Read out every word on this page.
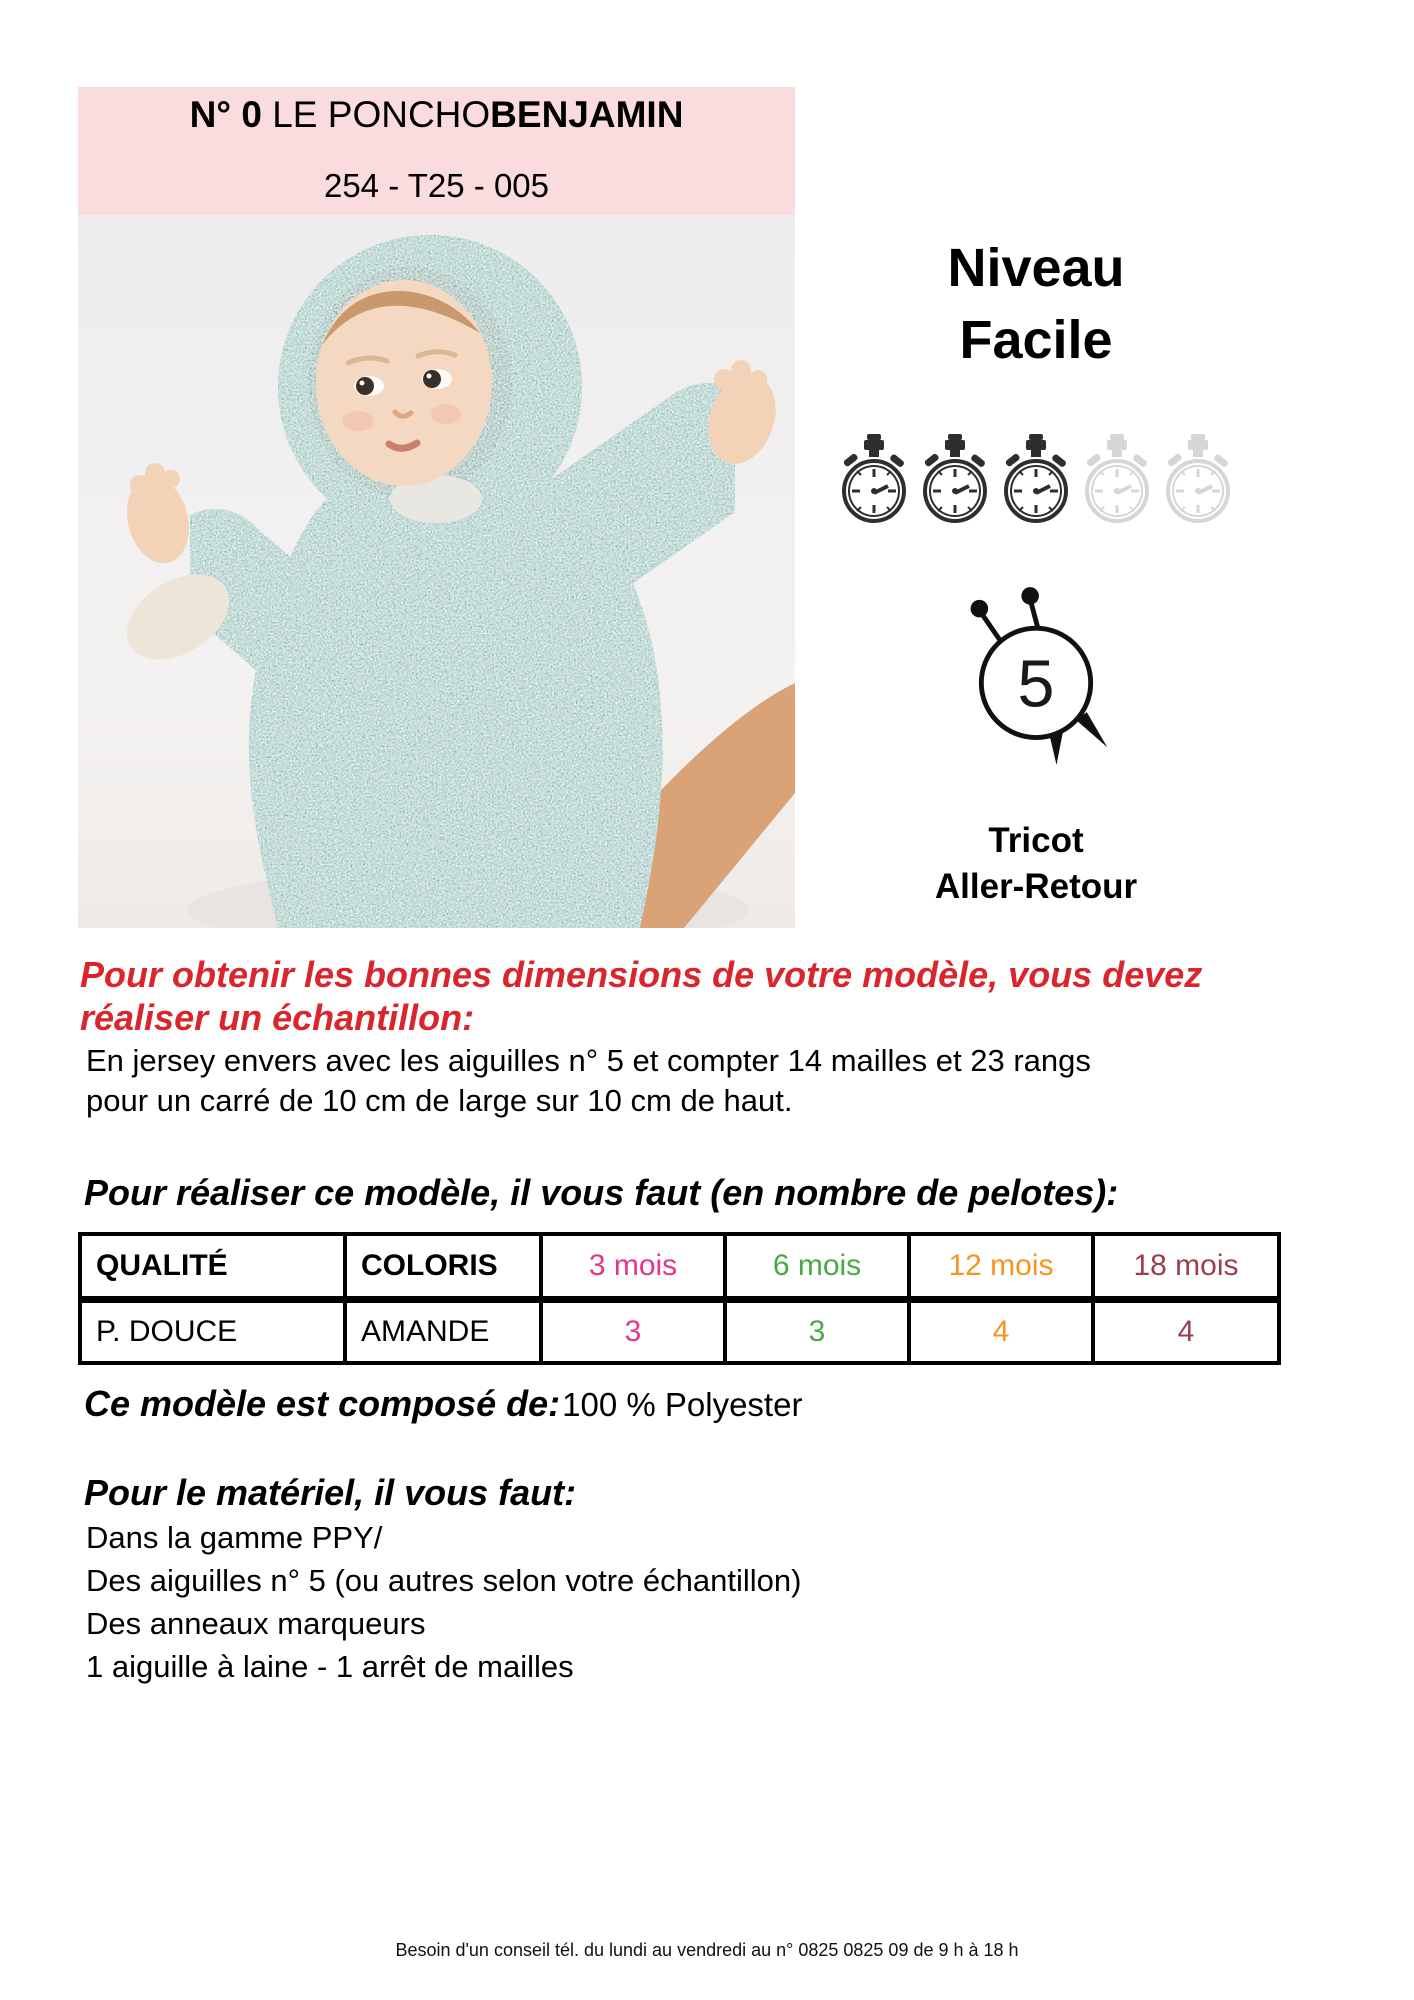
N° 0 LE PONCHOBENJAMIN
254 - T25 - 005
Niveau
Facile
5
Tricot
Aller-Retour
Pour obtenir les bonnes dimensions de votre modèle, vous devez
réaliser un échantillon:
En jersey envers avec les aiguilles n° 5 et compter 14 mailles et 23 rangs
pour un carré de 10 cm de large sur 10 cm de haut.
Pour réaliser ce modèle, il vous faut (en nombre de pelotes):
QUALITÉ	COLORIS	3 mois	6 mois	12 mois	18 mois
P. DOUCE	AMANDE	3	3	4	4
Ce modèle est composé de: 100 % Polyester
Pour le matériel, il vous faut:
Dans la gamme PPY/
Des aiguilles n° 5 (ou autres selon votre échantillon)
Des anneaux marqueurs
1 aiguille à laine - 1 arrêt de mailles
Besoin d'un conseil tél. du lundi au vendredi au n° 0825 0825 09 de 9 h à 18 h
